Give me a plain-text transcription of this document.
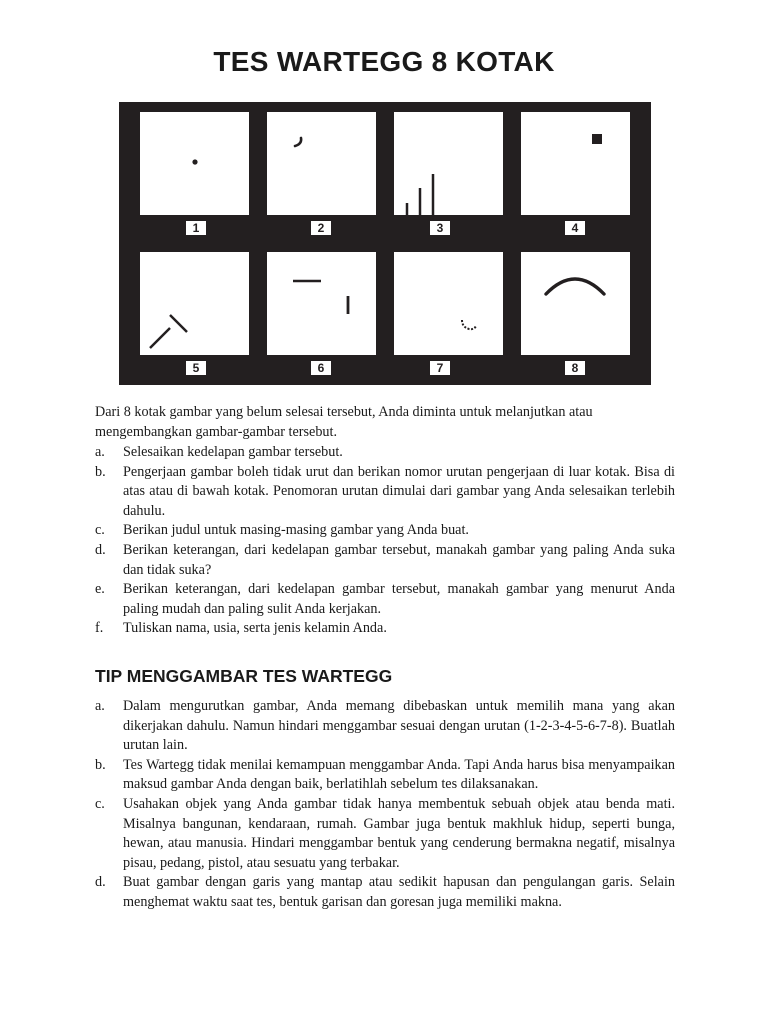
TES WARTEGG 8 KOTAK
1	2	3	4
5	6	7	8

Dari 8 kotak gambar yang belum selesai tersebut, Anda diminta untuk melanjutkan atau mengembangkan gambar-gambar tersebut.

a. Selesaikan kedelapan gambar tersebut.
b. Pengerjaan gambar boleh tidak urut dan berikan nomor urutan pengerjaan di luar kotak. Bisa di atas atau di bawah kotak. Penomoran urutan dimulai dari gambar yang Anda selesaikan terlebih dahulu.
c. Berikan judul untuk masing-masing gambar yang Anda buat.
d. Berikan keterangan, dari kedelapan gambar tersebut, manakah gambar yang paling Anda suka dan tidak suka?
e. Berikan keterangan, dari kedelapan gambar tersebut, manakah gambar yang menurut Anda paling mudah dan paling sulit Anda kerjakan.
f. Tuliskan nama, usia, serta jenis kelamin Anda.
TIP MENGGAMBAR TES WARTEGG
a. Dalam mengurutkan gambar, Anda memang dibebaskan untuk memilih mana yang akan dikerjakan dahulu. Namun hindari menggambar sesuai dengan urutan (1-2-3-4-5-6-7-8). Buatlah urutan lain.
b. Tes Wartegg tidak menilai kemampuan menggambar Anda. Tapi Anda harus bisa menyampaikan maksud gambar Anda dengan baik, berlatihlah sebelum tes dilaksanakan.
c. Usahakan objek yang Anda gambar tidak hanya membentuk sebuah objek atau benda mati. Misalnya bangunan, kendaraan, rumah. Gambar juga bentuk makhluk hidup, seperti bunga, hewan, atau manusia. Hindari menggambar bentuk yang cenderung bermakna negatif, misalnya pisau, pedang, pistol, atau sesuatu yang terbakar.
d. Buat gambar dengan garis yang mantap atau sedikit hapusan dan pengulangan garis. Selain menghemat waktu saat tes, bentuk garisan dan goresan juga memiliki makna.
